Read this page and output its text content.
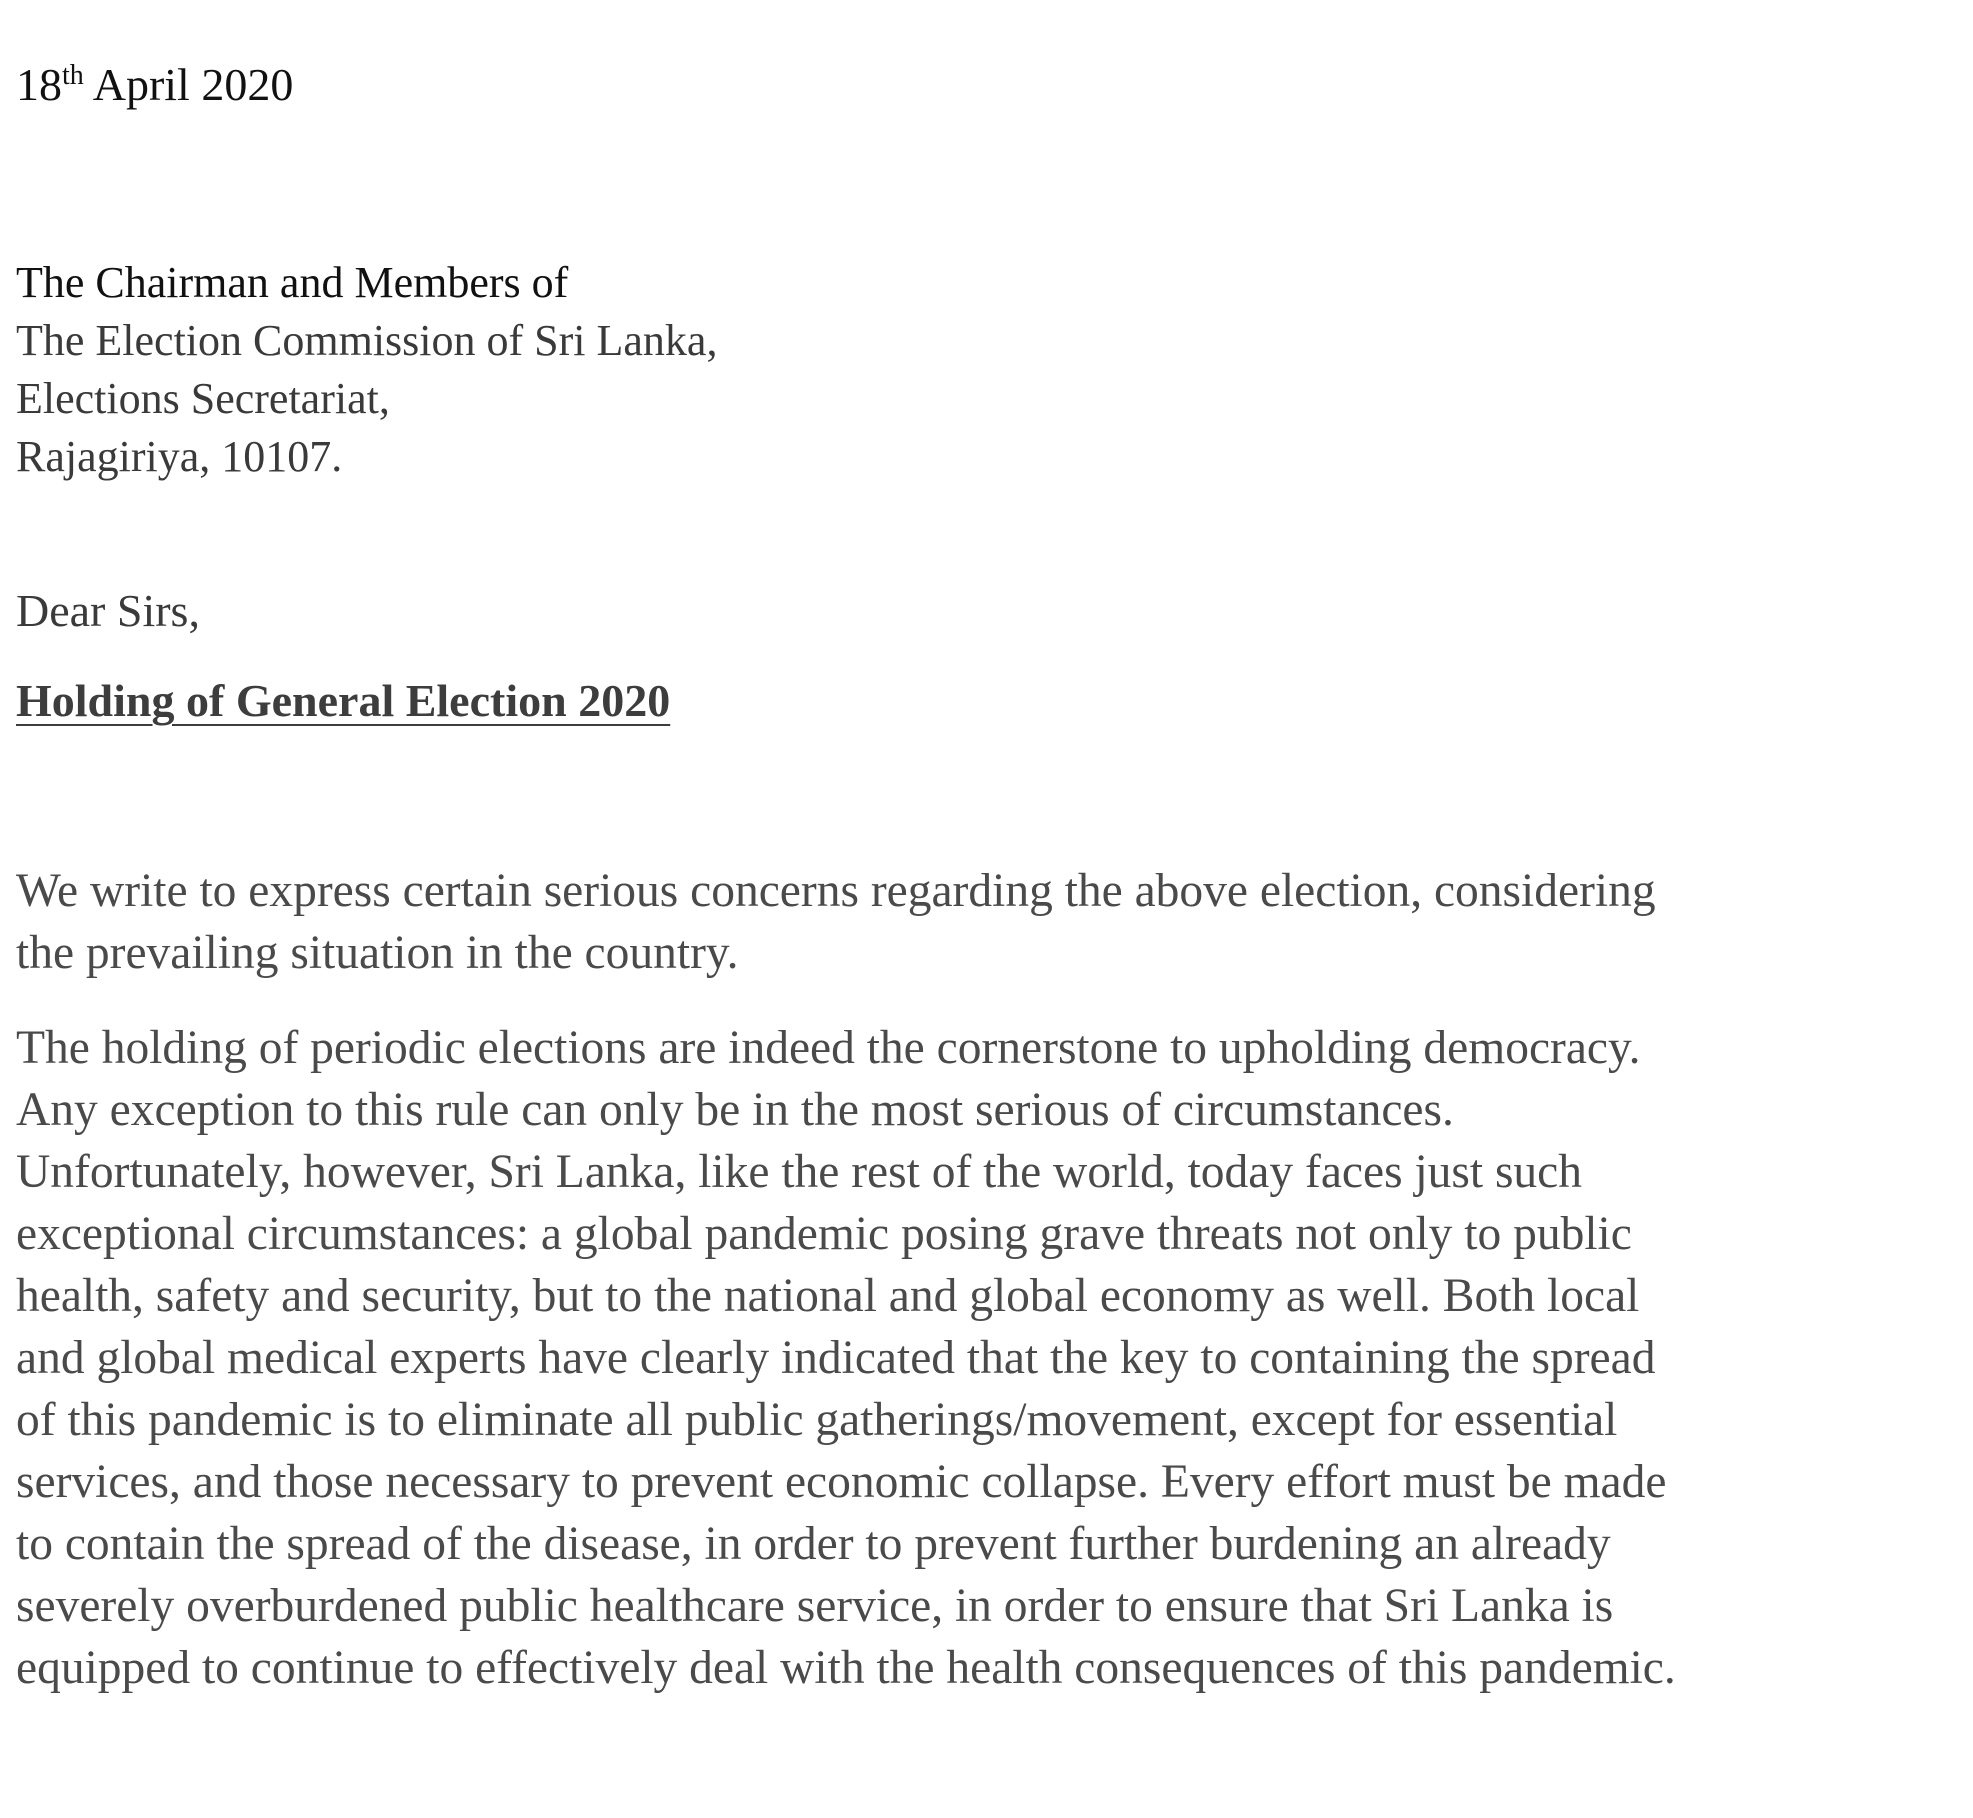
18th April 2020

The Chairman and Members of
The Election Commission of Sri Lanka,
Elections Secretariat,
Rajagiriya, 10107.

Dear Sirs,

Holding of General Election 2020

We write to express certain serious concerns regarding the above election, considering
the prevailing situation in the country.
The holding of periodic elections are indeed the cornerstone to upholding democracy.
Any exception to this rule can only be in the most serious of circumstances.
Unfortunately, however, Sri Lanka, like the rest of the world, today faces just such
exceptional circumstances: a global pandemic posing grave threats not only to public
health, safety and security, but to the national and global economy as well. Both local
and global medical experts have clearly indicated that the key to containing the spread
of this pandemic is to eliminate all public gatherings/movement, except for essential
services, and those necessary to prevent economic collapse. Every effort must be made
to contain the spread of the disease, in order to prevent further burdening an already
severely overburdened public healthcare service, in order to ensure that Sri Lanka is
equipped to continue to effectively deal with the health consequences of this pandemic.
